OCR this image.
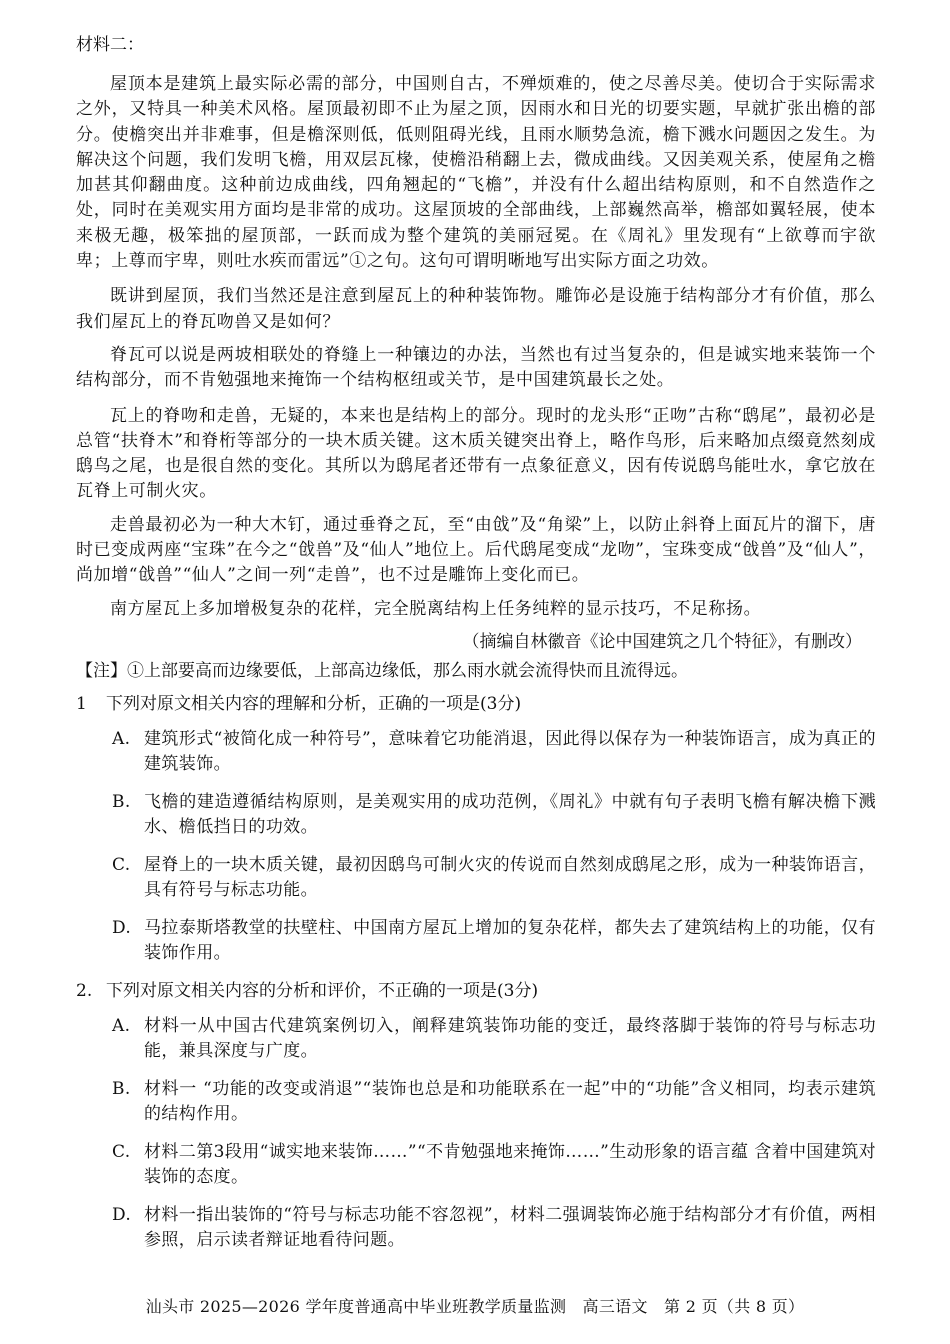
材料二：

屋顶本是建筑上最实际必需的部分，中国则自古，不殚烦难的，使之尽善尽美。使切合于实际需求之外，又特具一种美术风格。屋顶最初即不止为屋之顶，因雨水和日光的切要实题，早就扩张出檐的部分。使檐突出并非难事，但是檐深则低，低则阻碍光线，且雨水顺势急流，檐下溅水问题因之发生。为解决这个问题，我们发明飞檐，用双层瓦椽，使檐沿稍翻上去，微成曲线。又因美观关系，使屋角之檐加甚其仰翻曲度。这种前边成曲线，四角翘起的“飞檐”，并没有什么超出结构原则，和不自然造作之处，同时在美观实用方面均是非常的成功。这屋顶坡的全部曲线，上部巍然高举，檐部如翼轻展，使本来极无趣，极笨拙的屋顶部，一跃而成为整个建筑的美丽冠冕。在《周礼》里发现有“上欲尊而宇欲卑；上尊而宇卑，则吐水疾而雷远”①之句。这句可谓明晰地写出实际方面之功效。

既讲到屋顶，我们当然还是注意到屋瓦上的种种装饰物。雕饰必是设施于结构部分才有价值，那么我们屋瓦上的脊瓦吻兽又是如何？

脊瓦可以说是两坡相联处的脊缝上一种镶边的办法，当然也有过当复杂的，但是诚实地来装饰一个结构部分，而不肯勉强地来掩饰一个结构枢纽或关节，是中国建筑最长之处。

瓦上的脊吻和走兽，无疑的，本来也是结构上的部分。现时的龙头形“正吻”古称“鸱尾”，最初必是总管“扶脊木”和脊桁等部分的一块木质关键。这木质关键突出脊上，略作鸟形，后来略加点缀竟然刻成鸱鸟之尾，也是很自然的变化。其所以为鸱尾者还带有一点象征意义，因有传说鸱鸟能吐水，拿它放在瓦脊上可制火灾。

走兽最初必为一种大木钉，通过垂脊之瓦，至“由戗”及“角梁”上，以防止斜脊上面瓦片的溜下，唐时已变成两座“宝珠”在今之“戗兽”及“仙人”地位上。后代鸱尾变成“龙吻”，宝珠变成“戗兽”及“仙人”，尚加增“戗兽”“仙人”之间一列“走兽”，也不过是雕饰上变化而已。

南方屋瓦上多加增极复杂的花样，完全脱离结构上任务纯粹的显示技巧，不足称扬。

（摘编自林徽音《论中国建筑之几个特征》，有删改）
【注】①上部要高而边缘要低，上部高边缘低，那么雨水就会流得快而且流得远。
1	下列对原文相关内容的理解和分析，正确的一项是(3分)
A. 建筑形式“被简化成一种符号”，意味着它功能消退，因此得以保存为一种装饰语言，成为真正的建筑装饰。
B. 飞檐的建造遵循结构原则，是美观实用的成功范例，《周礼》中就有句子表明飞檐有解决檐下溅水、檐低挡日的功效。
C. 屋脊上的一块木质关键，最初因鸱鸟可制火灾的传说而自然刻成鸱尾之形，成为一种装饰语言，具有符号与标志功能。
D. 马拉泰斯塔教堂的扶壁柱、中国南方屋瓦上增加的复杂花样，都失去了建筑结构上的功能，仅有装饰作用。
2. 下列对原文相关内容的分析和评价，不正确的一项是(3分)
A. 材料一从中国古代建筑案例切入，阐释建筑装饰功能的变迁，最终落脚于装饰的符号与标志功能，兼具深度与广度。
B. 材料一 “功能的改变或消退”“装饰也总是和功能联系在一起”中的“功能”含义相同，均表示建筑的结构作用。
C. 材料二第3段用“诚实地来装饰……”“不肯勉强地来掩饰……”生动形象的语言蕴 含着中国建筑对装饰的态度。
D. 材料一指出装饰的“符号与标志功能不容忽视”，材料二强调装饰必施于结构部分才有价值，两相参照，启示读者辩证地看待问题。
汕头市 2025—2026 学年度普通高中毕业班教学质量监测　高三语文　第 2 页（共 8 页）
